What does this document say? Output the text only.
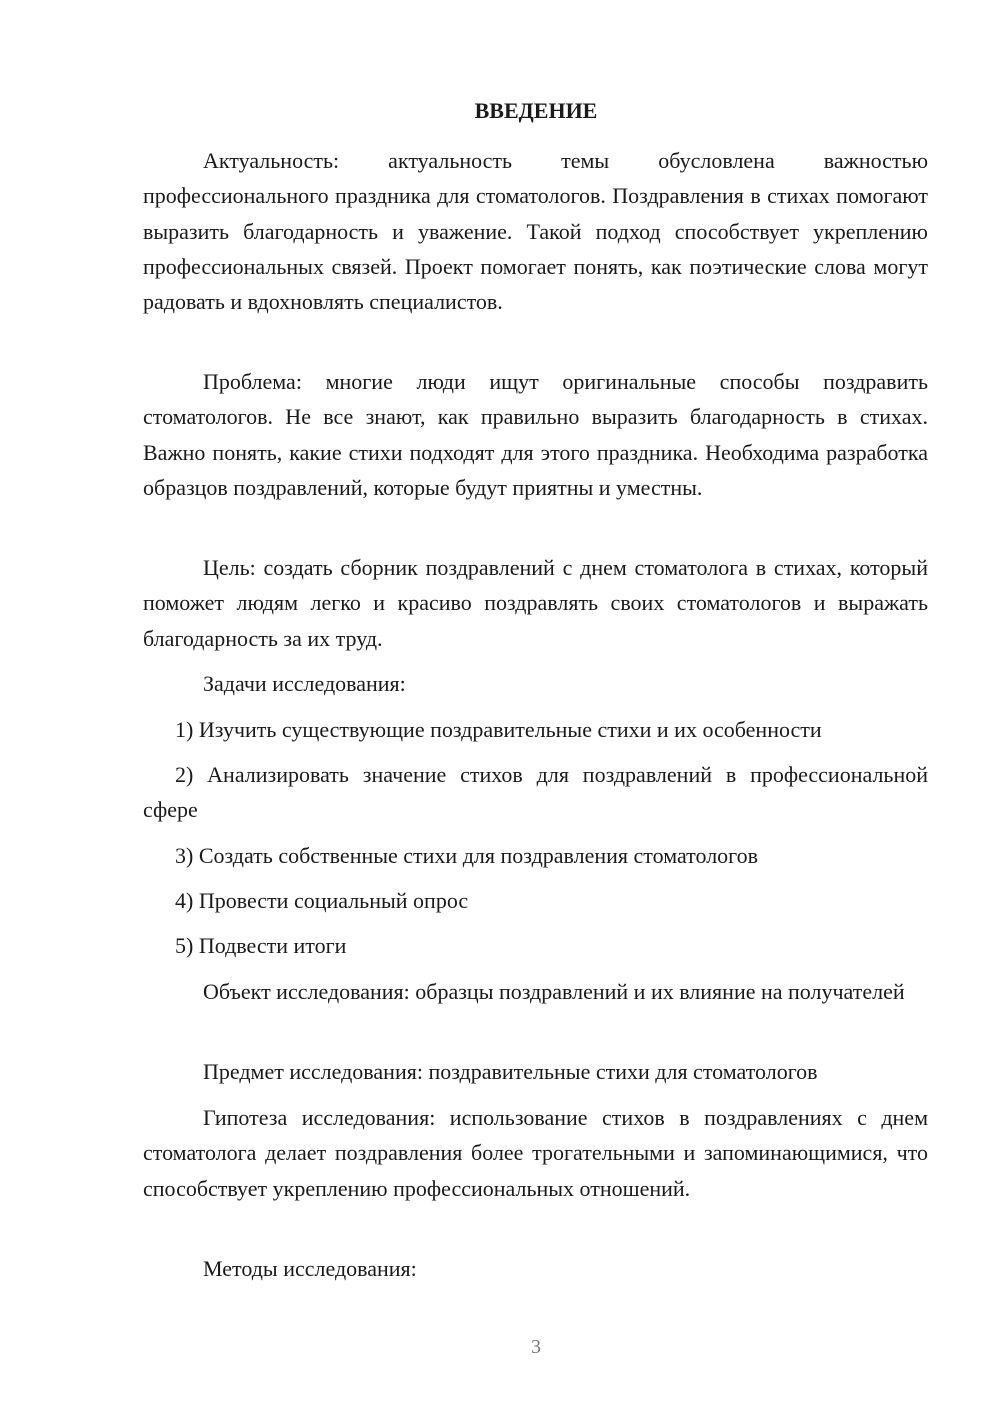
ВВЕДЕНИЕ

Актуальность: актуальность темы обусловлена важностью профессионального праздника для стоматологов. Поздравления в стихах помогают выразить благодарность и уважение. Такой подход способствует укреплению профессиональных связей. Проект помогает понять, как поэтические слова могут радовать и вдохновлять специалистов.

Проблема: многие люди ищут оригинальные способы поздравить стоматологов. Не все знают, как правильно выразить благодарность в стихах. Важно понять, какие стихи подходят для этого праздника. Необходима разработка образцов поздравлений, которые будут приятны и уместны.

Цель: создать сборник поздравлений с днем стоматолога в стихах, который поможет людям легко и красиво поздравлять своих стоматологов и выражать благодарность за их труд.

Задачи исследования:

1) Изучить существующие поздравительные стихи и их особенности

2) Анализировать значение стихов для поздравлений в профессиональной сфере

3) Создать собственные стихи для поздравления стоматологов

4) Провести социальный опрос

5) Подвести итоги

Объект исследования: образцы поздравлений и их влияние на получателей

Предмет исследования: поздравительные стихи для стоматологов

Гипотеза исследования: использование стихов в поздравлениях с днем стоматолога делает поздравления более трогательными и запоминающимися, что способствует укреплению профессиональных отношений.

Методы исследования:

3
